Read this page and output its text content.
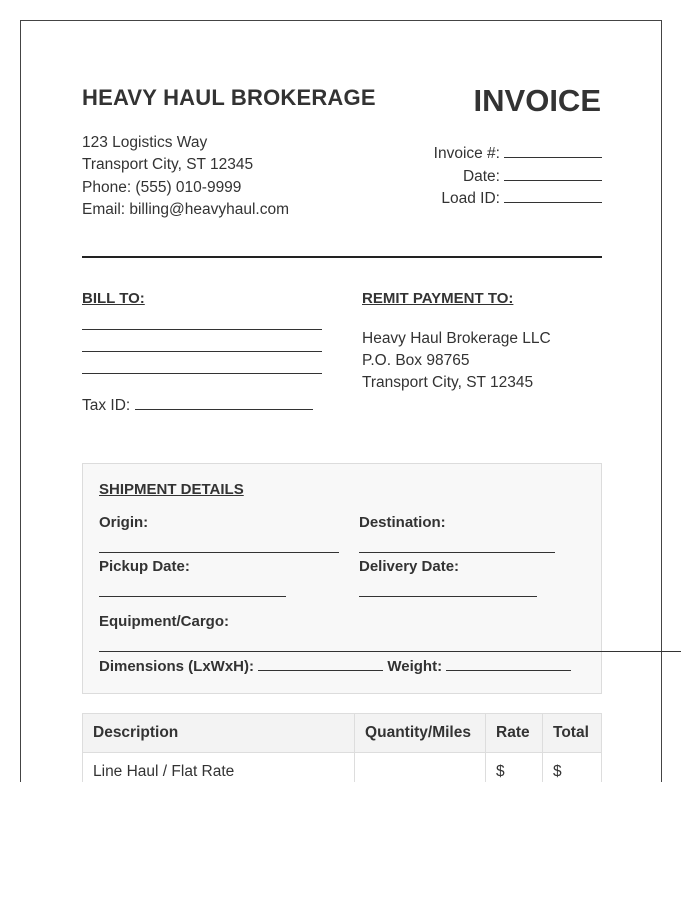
HEAVY HAUL BROKERAGE	INVOICE
123 Logistics Way
Transport City, ST 12345
Phone: (555) 010-9999
Email: billing@heavyhaul.com
Invoice #:
Date:
Load ID:
BILL TO:	REMIT PAYMENT TO:
Tax ID:
Heavy Haul Brokerage LLC
P.O. Box 98765
Transport City, ST 12345
SHIPMENT DETAILS
Origin:	Destination:
Pickup Date:	Delivery Date:
Equipment/Cargo:
Dimensions (LxWxH):	Weight:
Description	Quantity/Miles	Rate	Total
Line Haul / Flat Rate		$	$
